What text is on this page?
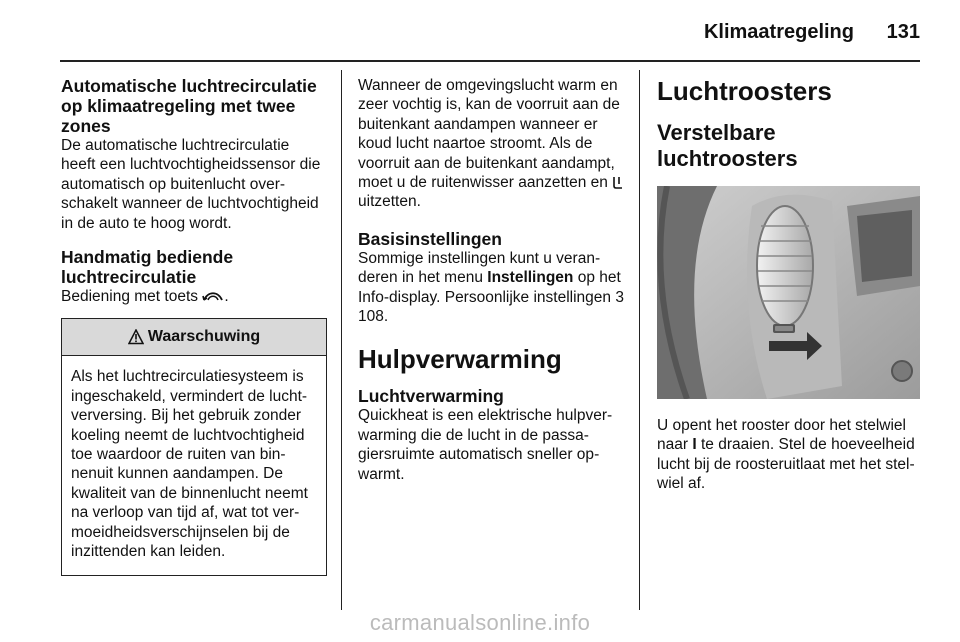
Klimaatregeling 131

Automatische luchtrecirculatie op klimaatregeling met twee zones

De automatische luchtrecirculatie heeft een luchtvochtigheidssensor die automatisch op buitenlucht overschakelt wanneer de luchtvochtigheid in de auto te hoog wordt.

Handmatig bediende luchtrecirculatie

Bediening met toets .

Waarschuwing

Als het luchtrecirculatiesysteem is ingeschakeld, vermindert de luchtverversing. Bij het gebruik zonder koeling neemt de luchtvochtigheid toe waardoor de ruiten van binnenuit kunnen aandampen. De kwaliteit van de binnenlucht neemt na verloop van tijd af, wat tot vermoeidheidsverschijnselen bij de inzittenden kan leiden.

Wanneer de omgevingslucht warm en zeer vochtig is, kan de voorruit aan de buitenkant aandampen wanneer er koud lucht naartoe stroomt. Als de voorruit aan de buitenkant aandampt, moet u de ruitenwisser aanzetten en  uitzetten.

Basisinstellingen

Sommige instellingen kunt u veranderen in het menu Instellingen op het Info-display. Persoonlijke instellingen 3 108.

Hulpverwarming

Luchtverwarming

Quickheat is een elektrische hulpverwarming die de lucht in de passagiersruimte automatisch sneller opwarmt.

Luchtroosters

Verstelbare luchtroosters

U opent het rooster door het stelwiel naar I te draaien. Stel de hoeveelheid lucht bij de roosteruitlaat met het stelwiel af.

carmanualsonline.info
